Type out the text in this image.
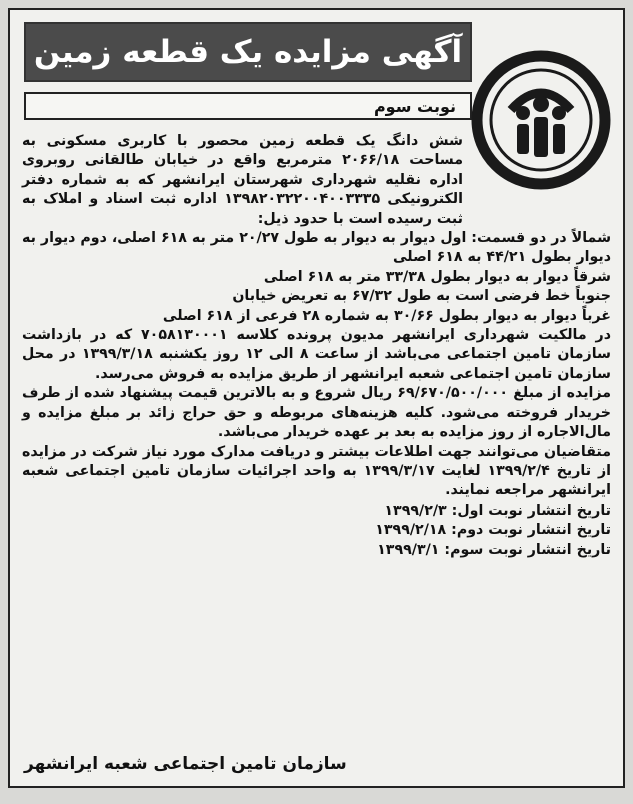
آگهی مزایده یک قطعه زمین
نوبت سوم

شش دانگ یک قطعه زمین محصور با کاربری مسکونی به مساحت ۲۰۶۶/۱۸ مترمربع واقع در خیابان طالقانی روبروی اداره نقلیه شهرداری شهرستان ایرانشهر که به شماره دفتر الکترونیکی ۱۳۹۸۲۰۳۲۲۰۰۴۰۰۳۳۳۵ اداره ثبت اسناد و املاک به ثبت رسیده است با حدود ذیل:

شمالاً در دو قسمت: اول دیوار به دیوار به طول ۲۰/۲۷ متر به ۶۱۸ اصلی، دوم دیوار به دیوار بطول ۴۴/۲۱ به ۶۱۸ اصلی

شرقاً دیوار به دیوار بطول ۳۳/۳۸ متر به ۶۱۸ اصلی

جنوباً خط فرضی است به طول ۶۷/۳۲ به تعریض خیابان

غرباً دیوار به دیوار بطول ۳۰/۶۶ به شماره ۲۸ فرعی از ۶۱۸ اصلی

در مالکیت شهرداری ایرانشهر مدیون پرونده کلاسه ۷۰۵۸۱۳۰۰۰۱ که در بازداشت سازمان تامین اجتماعی می‌باشد از ساعت ۸ الی ۱۲ روز یکشنبه ۱۳۹۹/۳/۱۸ در محل سازمان تامین اجتماعی شعبه ایرانشهر از طریق مزایده به فروش می‌رسد.

مزایده از مبلغ ۶۹/۶۷۰/۵۰۰/۰۰۰ ریال شروع و به بالاترین قیمت پیشنهاد شده از طرف خریدار فروخته می‌شود. کلیه هزینه‌های مربوطه و حق حراج زائد بر مبلغ مزایده و مال‌الاجاره از روز مزایده به بعد بر عهده خریدار می‌باشد.

متقاضیان می‌توانند جهت اطلاعات بیشتر و دریافت مدارک مورد نیاز شرکت در مزایده از تاریخ ۱۳۹۹/۲/۴ لغایت ۱۳۹۹/۳/۱۷ به واحد اجرائیات سازمان تامین اجتماعی شعبه ایرانشهر مراجعه نمایند.

تاریخ انتشار نوبت اول: ۱۳۹۹/۲/۳

تاریخ انتشار نوبت دوم: ۱۳۹۹/۲/۱۸

تاریخ انتشار نوبت سوم: ۱۳۹۹/۳/۱

سازمان تامین اجتماعی شعبه ایرانشهر
